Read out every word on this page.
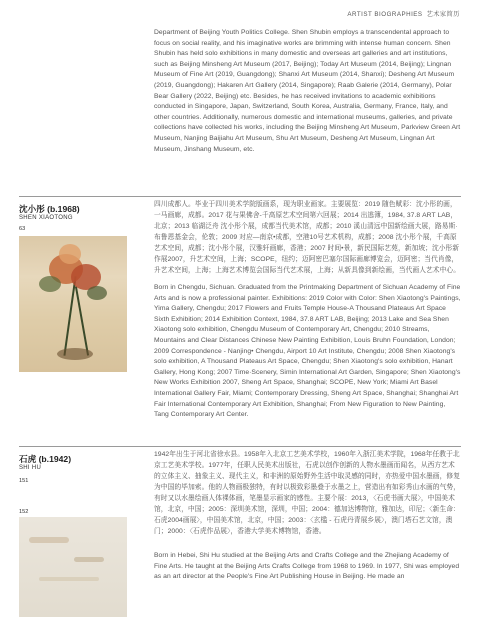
ARTIST BIOGRAPHIES 艺术家简历

Department of Beijing Youth Politics College. Shen Shubin employs a transcendental approach to focus on social reality, and his imaginative works are brimming with intense human concern. Shen Shubin has held solo exhibitions in many domestic and overseas art galleries and art institutions, such as Beijing Minsheng Art Museum (2017, Beijing); Today Art Museum (2014, Beijing); Lingnan Museum of Fine Art (2019, Guangdong); Shanxi Art Museum (2014, Shanxi); Desheng Art Museum (2019, Guangdong); Hakaren Art Gallery (2014, Singapore); Raab Galerie (2014, Germany), Polar Bear Gallery (2022, Beijing) etc. Besides, he has received invitations to academic exhibitions conducted in Singapore, Japan, Switzerland, South Korea, Australia, Germany, France, Italy, and other countries. Additionally, numerous domestic and international museums, galleries, and private collections have collected his works, including the Beijing Minsheng Art Museum, Parkview Green Art Museum, Nanjing Baijiahu Art Museum, Shu Art Museum, Desheng Art Museum, Lingnan Art Museum, Jinshang Museum, etc.

沈小彤 (b.1968)
SHEN XIAOTONG
63

四川成都人。毕业于四川美术学院版画系，现为职业画家。主要展览：2019 随色赋彩：沈小彤的画，一马画廊，成都。2017 花与果佛舍-千高原艺术空间第六回展；2014 出逃簿，1984, 37.8 ART LAB，北京；2013 临湖泛舟 沈小彤个展，成都当代美术馆，成都；2010 溪山清远中国新绘画大展，路易斯·布鲁恩基金会，伦敦；2009 对应—南京•成都，空港10号艺术机构，成都；2008 沈小彤个展，千高原艺术空间，成都；沈小彤个展，汉雅轩画廊，香港；2007 时间•景，新民国际艺苑，新加坡；沈小彤新作展2007，升艺术空间，上海；SCOPE，纽约；迈阿密巴塞尔国际画廊博览会，迈阿密；当代肖像，升艺术空间，上海；上海艺术博览会国际当代艺术展，上海；从新具像到新绘画，当代画人艺术中心。

Born in Chengdu, Sichuan. Graduated from the Printmaking Department of Sichuan Academy of Fine Arts and is now a professional painter. Exhibitions: 2019 Color with Color: Shen Xiaotong's Paintings, Yima Gallery, Chengdu; 2017 Flowers and Fruits Temple House-A Thousand Plateaus Art Space Sixth Exhibition; 2014 Exhibition Context, 1984, 37.8 ART LAB, Beijing; 2013 Lake and Sea Shen Xiaotong solo exhibition, Chengdu Museum of Contemporary Art, Chengdu; 2010 Streams, Mountains and Clear Distances Chinese New Painting Exhibition, Louis Bruhn Foundation, London; 2009 Correspondence - Nanjing• Chengdu, Airport 10 Art Institute, Chengdu; 2008 Shen Xiaotong's solo exhibition, A Thousand Plateaus Art Space, Chengdu; Shen Xiaotong's solo exhibition, Hanart Gallery, Hong Kong; 2007 Time·Scenery, Simin International Art Garden, Singapore; Shen Xiaotong's New Works Exhibition 2007, Sheng Art Space, Shanghai; SCOPE, New York; Miami Art Basel International Gallery Fair, Miami; Contemporary Dressing, Sheng Art Space, Shanghai; Shanghai Art Fair International Contemporary Art Exhibition, Shanghai; From New Figuration to New Painting, Tang Contemporary Art Center.

石虎 (b.1942)
SHI HU
151
152

1942年出生于河北省徐水县。1958年入北京工艺美术学校，1960年入浙江美术学院，1968年任教于北京工艺美术学校。1977年，任职人民美术出版社，石虎以创作创新的人物水墨画而闻名，从西方艺术的立体主义、抽象主义、现代主义，和非洲的原始野外生活中取灵感的同时，亦热爱中国水墨画，修复为中国的毕加索。他的人物画极独特，有时以极致彩墨叠于水墨之上，营造出有如彩秀山水画的气势，有时又以水墨绘画人体裸体画，笔墨显示画家的感性。主要个展：2013，〈石虎书画大展〉，中国美术馆，北京，中国；2005：深圳美术馆，深圳，中国；2004：德加达博物馆，雅加达，印尼；〈新生命：石虎2004画展〉，中国美术馆，北京，中国；2003：〈玄槛 - 石虎丹青展乡展〉，澳门塔石艺文馆，澳门；2000：〈石虎作品展〉，香港大学美术博物馆，香港。

Born in Hebei, Shi Hu studied at the Beijing Arts and Crafts College and the Zhejiang Academy of Fine Arts. He taught at the Beijing Arts Crafts College from 1968 to 1969. In 1977, Shi was employed as an art director at the People's Fine Art Publishing House in Beijing. He made an
